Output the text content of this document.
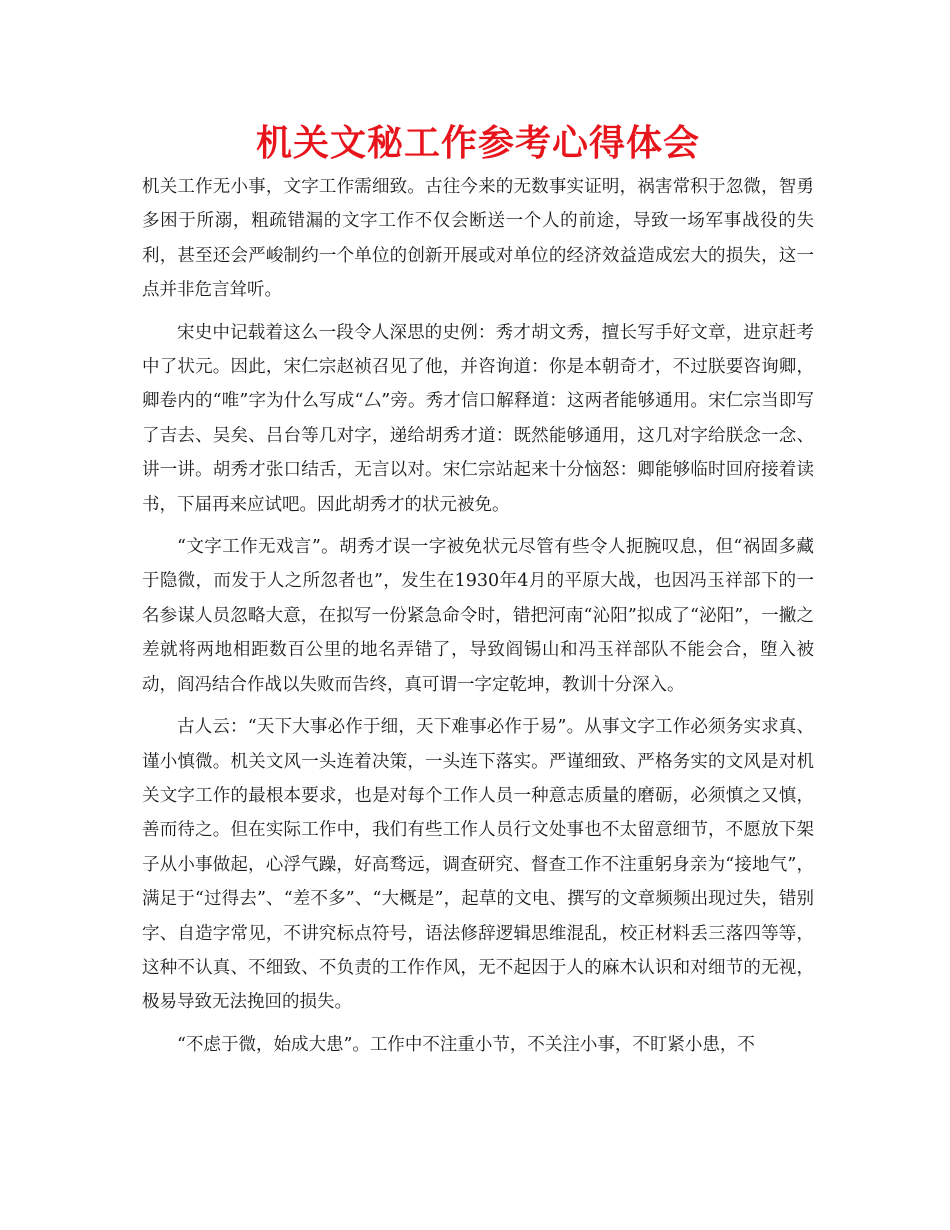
机关文秘工作参考心得体会

机关工作无小事，文字工作需细致。古往今来的无数事实证明，祸害常积于忽微，智勇多困于所溺，粗疏错漏的文字工作不仅会断送一个人的前途，导致一场军事战役的失利，甚至还会严峻制约一个单位的创新开展或对单位的经济效益造成宏大的损失，这一点并非危言耸听。

宋史中记载着这么一段令人深思的史例：秀才胡文秀，擅长写手好文章，进京赶考中了状元。因此，宋仁宗赵祯召见了他，并咨询道：你是本朝奇才，不过朕要咨询卿，卿卷内的“唯”字为什么写成“厶”旁。秀才信口解释道：这两者能够通用。宋仁宗当即写了吉去、吴矣、吕台等几对字，递给胡秀才道：既然能够通用，这几对字给朕念一念、讲一讲。胡秀才张口结舌，无言以对。宋仁宗站起来十分恼怒：卿能够临时回府接着读书，下届再来应试吧。因此胡秀才的状元被免。

“文字工作无戏言”。胡秀才误一字被免状元尽管有些令人扼腕叹息，但“祸固多藏于隐微，而发于人之所忽者也”，发生在1930年4月的平原大战，也因冯玉祥部下的一名参谋人员忽略大意，在拟写一份紧急命令时，错把河南“沁阳”拟成了“泌阳”，一撇之差就将两地相距数百公里的地名弄错了，导致阎锡山和冯玉祥部队不能会合，堕入被动，阎冯结合作战以失败而告终，真可谓一字定乾坤，教训十分深入。

古人云：“天下大事必作于细，天下难事必作于易”。从事文字工作必须务实求真、谨小慎微。机关文风一头连着决策，一头连下落实。严谨细致、严格务实的文风是对机关文字工作的最根本要求，也是对每个工作人员一种意志质量的磨砺，必须慎之又慎，善而待之。但在实际工作中，我们有些工作人员行文处事也不太留意细节，不愿放下架子从小事做起，心浮气躁，好高骛远，调查研究、督查工作不注重躬身亲为“接地气”，满足于“过得去”、“差不多”、“大概是”，起草的文电、撰写的文章频频出现过失，错别字、自造字常见，不讲究标点符号，语法修辞逻辑思维混乱，校正材料丢三落四等等，这种不认真、不细致、不负责的工作作风，无不起因于人的麻木认识和对细节的无视，极易导致无法挽回的损失。

“不虑于微，始成大患”。工作中不注重小节，不关注小事，不盯紧小患，不
